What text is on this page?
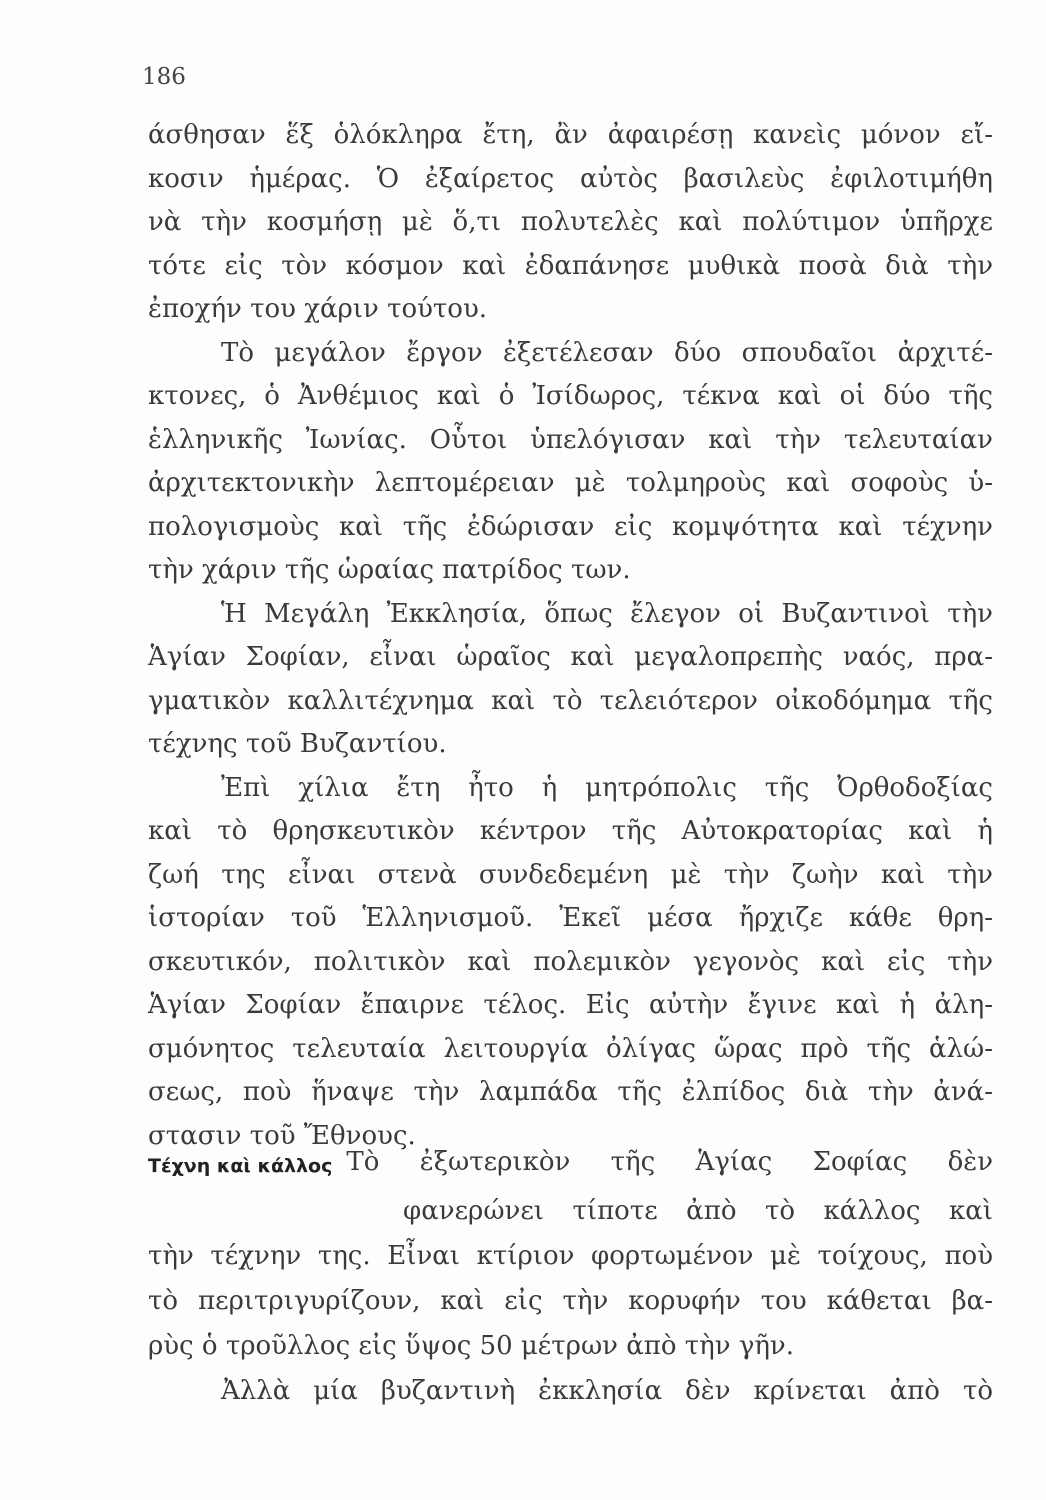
186
άσθησαν ἕξ ὁλόκληρα ἔτη, ἂν ἀφαιρέσῃ κανεὶς μόνον εἴ-
κοσιν ἡμέρας. Ὁ ἐξαίρετος αὐτὸς βασιλεὺς ἐφιλοτιμήθη
νὰ τὴν κοσμήσῃ μὲ ὅ,τι πολυτελὲς καὶ πολύτιμον ὑπῆρχε
τότε εἰς τὸν κόσμον καὶ ἐδαπάνησε μυθικὰ ποσὰ διὰ τὴν
ἐποχήν του χάριν τούτου.
Τὸ μεγάλον ἔργον ἐξετέλεσαν δύο σπουδαῖοι ἀρχιτέ-
κτονες, ὁ Ἀνθέμιος καὶ ὁ Ἰσίδωρος, τέκνα καὶ οἱ δύο τῆς
ἑλληνικῆς Ἰωνίας. Οὗτοι ὑπελόγισαν καὶ τὴν τελευταίαν
ἀρχιτεκτονικὴν λεπτομέρειαν μὲ τολμηροὺς καὶ σοφοὺς ὑ-
πολογισμοὺς καὶ τῆς ἐδώρισαν εἰς κομψότητα καὶ τέχνην
τὴν χάριν τῆς ὡραίας πατρίδος των.
Ἡ Μεγάλη Ἐκκλησία, ὅπως ἔλεγον οἱ Βυζαντινοὶ τὴν
Ἁγίαν Σοφίαν, εἶναι ὡραῖος καὶ μεγαλοπρεπὴς ναός, πρα-
γματικὸν καλλιτέχνημα καὶ τὸ τελειότερον οἰκοδόμημα τῆς
τέχνης τοῦ Βυζαντίου.
Ἐπὶ χίλια ἔτη ἦτο ἡ μητρόπολις τῆς Ὀρθοδοξίας
καὶ τὸ θρησκευτικὸν κέντρον τῆς Αὐτοκρατορίας καὶ ἡ
ζωή της εἶναι στενὰ συνδεδεμένη μὲ τὴν ζωὴν καὶ τὴν
ἱστορίαν τοῦ Ἑλληνισμοῦ. Ἐκεῖ μέσα ἤρχιζε κάθε θρη-
σκευτικόν, πολιτικὸν καὶ πολεμικὸν γεγονὸς καὶ εἰς τὴν
Ἁγίαν Σοφίαν ἔπαιρνε τέλος. Εἰς αὐτὴν ἔγινε καὶ ἡ ἀλη-
σμόνητος τελευταία λειτουργία ὀλίγας ὥρας πρὸ τῆς ἁλώ-
σεως, ποὺ ἥναψε τὴν λαμπάδα τῆς ἐλπίδος διὰ τὴν ἀνά-
στασιν τοῦ Ἔθνους.
Τέχνη καὶ κάλλος Τὸ ἐξωτερικὸν τῆς Ἁγίας Σοφίας δὲν
φανερώνει τίποτε ἀπὸ τὸ κάλλος καὶ
τὴν τέχνην της. Εἶναι κτίριον φορτωμένον μὲ τοίχους, ποὺ
τὸ περιτριγυρίζουν, καὶ εἰς τὴν κορυφήν του κάθεται βα-
ρὺς ὁ τροῦλλος εἰς ὕψος 50 μέτρων ἀπὸ τὴν γῆν.
Ἀλλὰ μία βυζαντινὴ ἐκκλησία δὲν κρίνεται ἀπὸ τὸ
